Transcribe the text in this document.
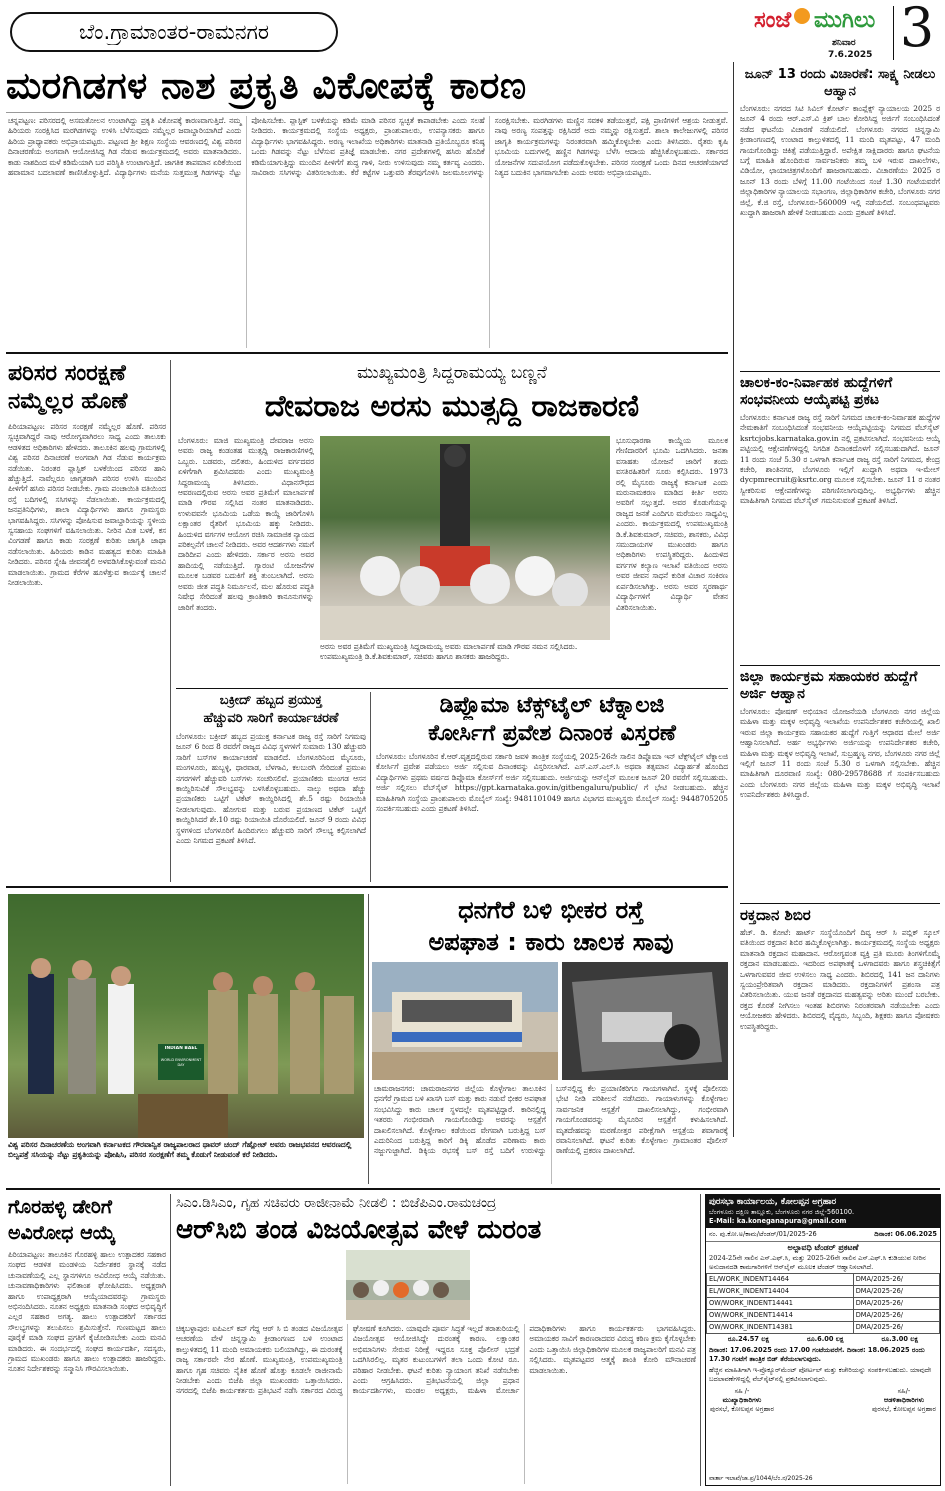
ಬೆಂ.ಗ್ರಾಮಾಂತರ-ರಾಮನಗರ	ಸಂಜೆ ಮುಗಿಲು
ಶನಿವಾರ
7.6.2025 3
ಮರಗಿಡಗಳ ನಾಶ ಪ್ರಕೃತಿ ವಿಕೋಪಕ್ಕೆ ಕಾರಣ
ಚನ್ನಪಟ್ಟಣ: ಪರಿಸರದಲ್ಲಿ ಅಸಮತೋಲನ ಉಂಟಾಗಿದ್ದು ಪ್ರಕೃತಿ ವಿಕೋಪಕ್ಕೆ ಕಾರಣವಾಗುತ್ತಿದೆ. ನಮ್ಮ ಹಿರಿಯರು ಸಂರಕ್ಷಿಸಿದ ಮರಗಿಡಗಳನ್ನು ಉಳಿಸಿ ಬೆಳೆಸುವುದು ನಮ್ಮೆಲ್ಲರ ಜವಾಬ್ದಾರಿಯಾಗಿದೆ ಎಂದು ಹಿರಿಯ ಪ್ರಾಧ್ಯಾಪಕರು ಅಭಿಪ್ರಾಯಪಟ್ಟರು. ಪಟ್ಟಣದ ಶ್ರೀ ಶಿಕ್ಷಣ ಸಂಸ್ಥೆಯ ಆವರಣದಲ್ಲಿ ವಿಶ್ವ ಪರಿಸರ ದಿನಾಚರಣೆಯ ಅಂಗವಾಗಿ ಆಯೋಜಿಸಿದ್ದ ಗಿಡ ನೆಡುವ ಕಾರ್ಯಕ್ರಮದಲ್ಲಿ ಅವರು ಮಾತನಾಡಿದರು. ಕಾಡು ನಾಶದಿಂದ ಮಳೆ ಕಡಿಮೆಯಾಗಿ ಬರ ಪರಿಸ್ಥಿತಿ ಉಂಟಾಗುತ್ತಿದೆ. ಜಾಗತಿಕ ತಾಪಮಾನ ಏರಿಕೆಯಿಂದ ಹವಾಮಾನ ಬದಲಾವಣೆ ಕಾಣಿಸಿಕೊಳ್ಳುತ್ತಿದೆ. ವಿದ್ಯಾರ್ಥಿಗಳು ಮನೆಯ ಸುತ್ತಮುತ್ತ ಗಿಡಗಳನ್ನು ನೆಟ್ಟು ಪೋಷಿಸಬೇಕು. ಪ್ಲಾಸ್ಟಿಕ್ ಬಳಕೆಯನ್ನು ಕಡಿಮೆ ಮಾಡಿ ಪರಿಸರ ಸ್ವಚ್ಛತೆ ಕಾಪಾಡಬೇಕು ಎಂದು ಸಲಹೆ ನೀಡಿದರು. ಕಾರ್ಯಕ್ರಮದಲ್ಲಿ ಸಂಸ್ಥೆಯ ಅಧ್ಯಕ್ಷರು, ಪ್ರಾಂಶುಪಾಲರು, ಉಪನ್ಯಾಸಕರು ಹಾಗೂ ವಿದ್ಯಾರ್ಥಿಗಳು ಭಾಗವಹಿಸಿದ್ದರು. ಅರಣ್ಯ ಇಲಾಖೆಯ ಅಧಿಕಾರಿಗಳು ಮಾತನಾಡಿ ಪ್ರತಿಯೊಬ್ಬರೂ ಕನಿಷ್ಠ ಒಂದು ಗಿಡವನ್ನು ನೆಟ್ಟು ಬೆಳೆಸುವ ಪ್ರತಿಜ್ಞೆ ಮಾಡಬೇಕು. ನಗರ ಪ್ರದೇಶಗಳಲ್ಲಿ ಹಸಿರು ಹೊದಿಕೆ ಕಡಿಮೆಯಾಗುತ್ತಿದ್ದು ಮುಂದಿನ ಪೀಳಿಗೆಗೆ ಶುದ್ಧ ಗಾಳಿ, ನೀರು ಉಳಿಸುವುದು ನಮ್ಮ ಕರ್ತವ್ಯ ಎಂದರು. ಸಾವಿರಾರು ಸಸಿಗಳನ್ನು ವಿತರಿಸಲಾಯಿತು. ಕೆರೆ ಕಟ್ಟೆಗಳ ಒತ್ತುವರಿ ತೆರವುಗೊಳಿಸಿ ಜಲಮೂಲಗಳನ್ನು ಸಂರಕ್ಷಿಸಬೇಕು. ಮರಗಿಡಗಳು ಮಣ್ಣಿನ ಸವಕಳಿ ತಡೆಯುತ್ತವೆ, ಪಕ್ಷಿ ಪ್ರಾಣಿಗಳಿಗೆ ಆಶ್ರಯ ನೀಡುತ್ತವೆ. ನಾವು ಅರಣ್ಯ ಸಂಪತ್ತನ್ನು ರಕ್ಷಿಸಿದರೆ ಅದು ನಮ್ಮನ್ನು ರಕ್ಷಿಸುತ್ತದೆ. ಶಾಲಾ ಕಾಲೇಜುಗಳಲ್ಲಿ ಪರಿಸರ ಜಾಗೃತಿ ಕಾರ್ಯಕ್ರಮಗಳನ್ನು ನಿರಂತರವಾಗಿ ಹಮ್ಮಿಕೊಳ್ಳಬೇಕು ಎಂದು ತಿಳಿಸಿದರು. ರೈತರು ಕೃಷಿ ಭೂಮಿಯ ಬದುಗಳಲ್ಲಿ ಹಣ್ಣಿನ ಗಿಡಗಳನ್ನು ಬೆಳೆಸಿ ಆದಾಯ ಹೆಚ್ಚಿಸಿಕೊಳ್ಳಬಹುದು. ಸರ್ಕಾರದ ಯೋಜನೆಗಳ ಸದುಪಯೋಗ ಪಡೆದುಕೊಳ್ಳಬೇಕು. ಪರಿಸರ ಸಂರಕ್ಷಣೆ ಒಂದು ದಿನದ ಆಚರಣೆಯಾಗದೆ ನಿತ್ಯದ ಬದುಕಿನ ಭಾಗವಾಗಬೇಕು ಎಂದು ಅವರು ಅಭಿಪ್ರಾಯಪಟ್ಟರು.
ಜೂನ್ 13 ರಂದು ವಿಚಾರಣೆ: ಸಾಕ್ಷ್ಯ ನೀಡಲು ಆಹ್ವಾನ
ಬೆಂಗಳೂರು: ನಗರದ ಸಿಟಿ ಸಿವಿಲ್ ಕೋರ್ಟ್ ಕಾಂಪ್ಲೆಕ್ಸ್ ನ್ಯಾಯಾಲಯ 2025 ರ ಜೂನ್ 4 ರಂದು ಆರ್.ಎಸ್.ವಿ ಕ್ರಿಶ್ ಬಾಲ ಕೋರಿಸಿದ್ದ ಅರ್ಜಿಗೆ ಸಂಬಂಧಿಸಿದಂತೆ ನಡೆದ ಘಟನೆಯ ವಿಚಾರಣೆ ನಡೆಯಲಿದೆ. ಬೆಂಗಳೂರು ನಗರದ ಚಿನ್ನಸ್ವಾಮಿ ಕ್ರೀಡಾಂಗಣದಲ್ಲಿ ಉಂಟಾದ ಕಾಲ್ತುಳಿತದಲ್ಲಿ 11 ಮಂದಿ ಮೃತಪಟ್ಟು, 47 ಮಂದಿ ಗಾಯಗೊಂಡಿದ್ದು ಚಿಕಿತ್ಸೆ ಪಡೆಯುತ್ತಿದ್ದಾರೆ. ಅಪೇಕ್ಷಿತ ಸಾಕ್ಷಿದಾರರು ಹಾಗೂ ಘಟನೆಯ ಬಗ್ಗೆ ಮಾಹಿತಿ ಹೊಂದಿರುವ ಸಾರ್ವಜನಿಕರು ತಮ್ಮ ಬಳಿ ಇರುವ ದಾಖಲೆಗಳು, ವಿಡಿಯೋ, ಛಾಯಾಚಿತ್ರಗಳೊಂದಿಗೆ ಹಾಜರಾಗಬಹುದು. ವಿಚಾರಣೆಯು 2025 ರ ಜೂನ್ 13 ರಂದು ಬೆಳಿಗ್ಗೆ 11.00 ಗಂಟೆಯಿಂದ ಸಂಜೆ 1.30 ಗಂಟೆಯವರೆಗೆ ಜಿಲ್ಲಾಧಿಕಾರಿಗಳ ನ್ಯಾಯಾಲಯ ಸಭಾಂಗಣ, ಜಿಲ್ಲಾಧಿಕಾರಿಗಳ ಕಚೇರಿ, ಬೆಂಗಳೂರು ನಗರ ಜಿಲ್ಲೆ, ಕೆ.ಜಿ ರಸ್ತೆ, ಬೆಂಗಳೂರು-560009 ಇಲ್ಲಿ ನಡೆಯಲಿದೆ. ಸಂಬಂಧಪಟ್ಟವರು ಖುದ್ದಾಗಿ ಹಾಜರಾಗಿ ಹೇಳಿಕೆ ನೀಡಬಹುದು ಎಂದು ಪ್ರಕಟಣೆ ತಿಳಿಸಿದೆ.
ಚಾಲಕ-ಕಂ-ನಿರ್ವಾಹಕ ಹುದ್ದೆಗಳಿಗೆ ಸಂಭವನೀಯ ಆಯ್ಕೆಪಟ್ಟಿ ಪ್ರಕಟ
ಬೆಂಗಳೂರು: ಕರ್ನಾಟಕ ರಾಜ್ಯ ರಸ್ತೆ ಸಾರಿಗೆ ನಿಗಮದ ಚಾಲಕ-ಕಂ-ನಿರ್ವಾಹಕ ಹುದ್ದೆಗಳ ನೇಮಕಾತಿಗೆ ಸಂಬಂಧಿಸಿದಂತೆ ಸಂಭವನೀಯ ಆಯ್ಕೆಪಟ್ಟಿಯನ್ನು ನಿಗಮದ ವೆಬ್‌ಸೈಟ್ ksrtcjobs.karnataka.gov.in ನಲ್ಲಿ ಪ್ರಕಟಿಸಲಾಗಿದೆ. ಸಂಭವನೀಯ ಆಯ್ಕೆ ಪಟ್ಟಿಯಲ್ಲಿ ಆಕ್ಷೇಪಣೆಗಳಿದ್ದಲ್ಲಿ ನಿಗದಿತ ದಿನಾಂಕದೊಳಗೆ ಸಲ್ಲಿಸಬಹುದಾಗಿದೆ. ಜೂನ್ 11 ರಂದು ಸಂಜೆ 5.30 ರ ಒಳಗಾಗಿ ಕರ್ನಾಟಕ ರಾಜ್ಯ ರಸ್ತೆ ಸಾರಿಗೆ ನಿಗಮದ, ಕೇಂದ್ರ ಕಚೇರಿ, ಶಾಂತಿನಗರ, ಬೆಂಗಳೂರು ಇಲ್ಲಿಗೆ ಖುದ್ದಾಗಿ ಅಥವಾ ಇ-ಮೇಲ್ dycpmrecruit@ksrtc.org ಮೂಲಕ ಸಲ್ಲಿಸಬೇಕು. ಜೂನ್ 11 ರ ನಂತರ ಸ್ವೀಕರಿಸುವ ಆಕ್ಷೇಪಣೆಗಳನ್ನು ಪರಿಗಣಿಸಲಾಗುವುದಿಲ್ಲ. ಅಭ್ಯರ್ಥಿಗಳು ಹೆಚ್ಚಿನ ಮಾಹಿತಿಗಾಗಿ ನಿಗಮದ ವೆಬ್‌ಸೈಟ್ ಗಮನಿಸುವಂತೆ ಪ್ರಕಟಣೆ ತಿಳಿಸಿದೆ.
ಜಿಲ್ಲಾ ಕಾರ್ಯಕ್ರಮ ಸಹಾಯಕರ ಹುದ್ದೆಗೆ ಅರ್ಜಿ ಆಹ್ವಾನ
ಬೆಂಗಳೂರು: ಪೋಷಣ್ ಅಭಿಯಾನ ಯೋಜನೆಯಡಿ ಬೆಂಗಳೂರು ನಗರ ಜಿಲ್ಲೆಯ ಮಹಿಳಾ ಮತ್ತು ಮಕ್ಕಳ ಅಭಿವೃದ್ಧಿ ಇಲಾಖೆಯ ಉಪನಿರ್ದೇಶಕರ ಕಚೇರಿಯಲ್ಲಿ ಖಾಲಿ ಇರುವ ಜಿಲ್ಲಾ ಕಾರ್ಯಕ್ರಮ ಸಹಾಯಕರ ಹುದ್ದೆಗೆ ಗುತ್ತಿಗೆ ಆಧಾರದ ಮೇಲೆ ಅರ್ಜಿ ಆಹ್ವಾನಿಸಲಾಗಿದೆ. ಅರ್ಹ ಅಭ್ಯರ್ಥಿಗಳು ಅರ್ಜಿಯನ್ನು ಉಪನಿರ್ದೇಶಕರ ಕಚೇರಿ, ಮಹಿಳಾ ಮತ್ತು ಮಕ್ಕಳ ಅಭಿವೃದ್ಧಿ ಇಲಾಖೆ, ಸುಬ್ರಹ್ಮಣ್ಯ ನಗರ, ಬೆಂಗಳೂರು ನಗರ ಜಿಲ್ಲೆ ಇಲ್ಲಿಗೆ ಜೂನ್ 11 ರಂದು ಸಂಜೆ 5.30 ರ ಒಳಗಾಗಿ ಸಲ್ಲಿಸಬೇಕು. ಹೆಚ್ಚಿನ ಮಾಹಿತಿಗಾಗಿ ದೂರವಾಣಿ ಸಂಖ್ಯೆ: 080-29578688 ಗೆ ಸಂಪರ್ಕಿಸಬಹುದು ಎಂದು ಬೆಂಗಳೂರು ನಗರ ಜಿಲ್ಲೆಯ ಮಹಿಳಾ ಮತ್ತು ಮಕ್ಕಳ ಅಭಿವೃದ್ಧಿ ಇಲಾಖೆ ಉಪನಿರ್ದೇಶಕರು ತಿಳಿಸಿದ್ದಾರೆ.
ರಕ್ತದಾನ ಶಿಬಿರ
ಹೆಚ್. ಡಿ. ಕೋಟೆ: ಹಾರ್ಟ್ ಸಂಸ್ಥೆಯೊಂದಿಗೆ ದಿವ್ಯ ಆರ್ ಸಿ ಪಬ್ಲಿಕ್ ಸ್ಕೂಲ್ ವತಿಯಿಂದ ರಕ್ತದಾನ ಶಿಬಿರ ಹಮ್ಮಿಕೊಳ್ಳಲಾಗಿತ್ತು. ಕಾರ್ಯಕ್ರಮದಲ್ಲಿ ಸಂಸ್ಥೆಯ ಅಧ್ಯಕ್ಷರು ಮಾತನಾಡಿ ರಕ್ತದಾನ ಮಹಾದಾನ. ಆರೋಗ್ಯವಂತ ವ್ಯಕ್ತಿ ಪ್ರತಿ ಮೂರು ತಿಂಗಳಿಗೊಮ್ಮೆ ರಕ್ತದಾನ ಮಾಡಬಹುದು. ಇದರಿಂದ ಅಪಘಾತಕ್ಕೆ ಒಳಗಾದವರು ಹಾಗೂ ಶಸ್ತ್ರಚಿಕಿತ್ಸೆಗೆ ಒಳಗಾಗುವವರ ಜೀವ ಉಳಿಸಲು ಸಾಧ್ಯ ಎಂದರು. ಶಿಬಿರದಲ್ಲಿ 141 ಜನ ದಾನಿಗಳು ಸ್ವಯಂಪ್ರೇರಿತವಾಗಿ ರಕ್ತದಾನ ಮಾಡಿದರು. ರಕ್ತದಾನಿಗಳಿಗೆ ಪ್ರಶಂಸಾ ಪತ್ರ ವಿತರಿಸಲಾಯಿತು. ಯುವ ಜನತೆ ರಕ್ತದಾನದ ಮಹತ್ವವನ್ನು ಅರಿತು ಮುಂದೆ ಬರಬೇಕು. ರಕ್ತದ ಕೊರತೆ ನೀಗಿಸಲು ಇಂತಹ ಶಿಬಿರಗಳು ನಿರಂತರವಾಗಿ ನಡೆಯಬೇಕು ಎಂದು ಆಯೋಜಕರು ಹೇಳಿದರು. ಶಿಬಿರದಲ್ಲಿ ವೈದ್ಯರು, ಸಿಬ್ಬಂದಿ, ಶಿಕ್ಷಕರು ಹಾಗೂ ಪೋಷಕರು ಉಪಸ್ಥಿತರಿದ್ದರು.
ಪರಿಸರ ಸಂರಕ್ಷಣೆ
ನಮ್ಮೆಲ್ಲರ ಹೊಣೆ
ಪಿರಿಯಾಪಟ್ಟಣ: ಪರಿಸರ ಸಂರಕ್ಷಣೆ ನಮ್ಮೆಲ್ಲರ ಹೊಣೆ. ಪರಿಸರ ಸ್ವಚ್ಛವಾಗಿದ್ದರೆ ನಾವು ಆರೋಗ್ಯವಾಗಿರಲು ಸಾಧ್ಯ ಎಂದು ತಾಲೂಕು ಆಡಳಿತದ ಅಧಿಕಾರಿಗಳು ಹೇಳಿದರು. ತಾಲೂಕಿನ ಹಲವು ಗ್ರಾಮಗಳಲ್ಲಿ ವಿಶ್ವ ಪರಿಸರ ದಿನಾಚರಣೆ ಅಂಗವಾಗಿ ಗಿಡ ನೆಡುವ ಕಾರ್ಯಕ್ರಮ ನಡೆಯಿತು. ನಿರಂತರ ಪ್ಲಾಸ್ಟಿಕ್ ಬಳಕೆಯಿಂದ ಪರಿಸರ ಹಾನಿ ಹೆಚ್ಚುತ್ತಿದೆ. ನಾವೆಲ್ಲರೂ ಜಾಗೃತರಾಗಿ ಪರಿಸರ ಉಳಿಸಿ ಮುಂದಿನ ಪೀಳಿಗೆಗೆ ಹಸಿರು ಪರಿಸರ ನೀಡಬೇಕು. ಗ್ರಾಮ ಪಂಚಾಯಿತಿ ವತಿಯಿಂದ ರಸ್ತೆ ಬದಿಗಳಲ್ಲಿ ಸಸಿಗಳನ್ನು ನೆಡಲಾಯಿತು. ಕಾರ್ಯಕ್ರಮದಲ್ಲಿ ಜನಪ್ರತಿನಿಧಿಗಳು, ಶಾಲಾ ವಿದ್ಯಾರ್ಥಿಗಳು ಹಾಗೂ ಗ್ರಾಮಸ್ಥರು ಭಾಗವಹಿಸಿದ್ದರು. ಸಸಿಗಳನ್ನು ಪೋಷಿಸುವ ಜವಾಬ್ದಾರಿಯನ್ನು ಸ್ಥಳೀಯ ಸ್ವಸಹಾಯ ಸಂಘಗಳಿಗೆ ವಹಿಸಲಾಯಿತು. ನೀರಿನ ಮಿತ ಬಳಕೆ, ಕಸ ವಿಂಗಡಣೆ ಹಾಗೂ ಕಾಡು ಸಂರಕ್ಷಣೆ ಕುರಿತು ಜಾಗೃತಿ ಜಾಥಾ ನಡೆಸಲಾಯಿತು. ಹಿರಿಯರು ಕಾಡಿನ ಮಹತ್ವದ ಕುರಿತು ಮಾಹಿತಿ ನೀಡಿದರು. ಪರಿಸರ ಸ್ನೇಹಿ ಜೀವನಶೈಲಿ ಅಳವಡಿಸಿಕೊಳ್ಳುವಂತೆ ಮನವಿ ಮಾಡಲಾಯಿತು. ಗ್ರಾಮದ ಕೆರೆಗಳ ಹೂಳೆತ್ತುವ ಕಾರ್ಯಕ್ಕೆ ಚಾಲನೆ ನೀಡಲಾಯಿತು.
ಮುಖ್ಯಮಂತ್ರಿ ಸಿದ್ದರಾಮಯ್ಯ ಬಣ್ಣನೆ
ದೇವರಾಜ ಅರಸು ಮುತ್ಸದ್ದಿ ರಾಜಕಾರಣಿ
ಬೆಂಗಳೂರು: ಮಾಜಿ ಮುಖ್ಯಮಂತ್ರಿ ದೇವರಾಜ ಅರಸು ಅವರು ರಾಜ್ಯ ಕಂಡಂತಹ ಮುತ್ಸದ್ದಿ ರಾಜಕಾರಣಿಗಳಲ್ಲಿ ಒಬ್ಬರು. ಬಡವರು, ದಲಿತರು, ಹಿಂದುಳಿದ ವರ್ಗದವರ ಏಳಿಗೆಗಾಗಿ ಶ್ರಮಿಸಿದವರು ಎಂದು ಮುಖ್ಯಮಂತ್ರಿ ಸಿದ್ದರಾಮಯ್ಯ ತಿಳಿಸಿದರು. ವಿಧಾನಸೌಧದ ಆವರಣದಲ್ಲಿರುವ ಅರಸು ಅವರ ಪ್ರತಿಮೆಗೆ ಮಾಲಾರ್ಪಣೆ ಮಾಡಿ ಗೌರವ ಸಲ್ಲಿಸಿದ ನಂತರ ಮಾತನಾಡಿದರು. ಉಳುವವನೇ ಭೂಮಿಯ ಒಡೆಯ ಕಾಯ್ದೆ ಜಾರಿಗೊಳಿಸಿ ಲಕ್ಷಾಂತರ ರೈತರಿಗೆ ಭೂಮಿಯ ಹಕ್ಕು ನೀಡಿದರು. ಹಿಂದುಳಿದ ವರ್ಗಗಳ ಆಯೋಗ ರಚಿಸಿ ಸಾಮಾಜಿಕ ನ್ಯಾಯದ ಪರಿಕಲ್ಪನೆಗೆ ಚಾಲನೆ ನೀಡಿದರು. ಅವರ ಆದರ್ಶಗಳು ನಮಗೆ ದಾರಿದೀಪ ಎಂದು ಹೇಳಿದರು. ಸರ್ಕಾರ ಅರಸು ಅವರ ಹಾದಿಯಲ್ಲಿ ನಡೆಯುತ್ತಿದೆ. ಗ್ಯಾರಂಟಿ ಯೋಜನೆಗಳ ಮೂಲಕ ಬಡವರ ಬದುಕಿಗೆ ಶಕ್ತಿ ತುಂಬಲಾಗಿದೆ. ಅರಸು ಅವರು ಜೀತ ಪದ್ಧತಿ ನಿರ್ಮೂಲನೆ, ಮಲ ಹೊರುವ ಪದ್ಧತಿ ನಿಷೇಧ ಸೇರಿದಂತೆ ಹಲವು ಕ್ರಾಂತಿಕಾರಿ ಕಾನೂನುಗಳನ್ನು ಜಾರಿಗೆ ತಂದರು.
ಭೂಸುಧಾರಣಾ ಕಾಯ್ದೆಯ ಮೂಲಕ ಗೇಣಿದಾರರಿಗೆ ಭೂಮಿ ಒದಗಿಸಿದರು. ಜನತಾ ವಸಾಹತು ಯೋಜನೆ ಜಾರಿಗೆ ತಂದು ವಸತಿರಹಿತರಿಗೆ ಸೂರು ಕಲ್ಪಿಸಿದರು. 1973 ರಲ್ಲಿ ಮೈಸೂರು ರಾಜ್ಯಕ್ಕೆ ಕರ್ನಾಟಕ ಎಂದು ಮರುನಾಮಕರಣ ಮಾಡಿದ ಕೀರ್ತಿ ಅರಸು ಅವರಿಗೆ ಸಲ್ಲುತ್ತದೆ. ಅವರ ಕೊಡುಗೆಯನ್ನು ರಾಜ್ಯದ ಜನತೆ ಎಂದಿಗೂ ಮರೆಯಲು ಸಾಧ್ಯವಿಲ್ಲ ಎಂದರು. ಕಾರ್ಯಕ್ರಮದಲ್ಲಿ ಉಪಮುಖ್ಯಮಂತ್ರಿ ಡಿ.ಕೆ.ಶಿವಕುಮಾರ್, ಸಚಿವರು, ಶಾಸಕರು, ವಿವಿಧ ಸಮುದಾಯಗಳ ಮುಖಂಡರು ಹಾಗೂ ಅಧಿಕಾರಿಗಳು ಉಪಸ್ಥಿತರಿದ್ದರು. ಹಿಂದುಳಿದ ವರ್ಗಗಳ ಕಲ್ಯಾಣ ಇಲಾಖೆ ವತಿಯಿಂದ ಅರಸು ಅವರ ಜೀವನ ಸಾಧನೆ ಕುರಿತ ವಿಚಾರ ಸಂಕಿರಣ ಏರ್ಪಡಿಸಲಾಗಿತ್ತು. ಅರಸು ಅವರ ಸ್ಮರಣಾರ್ಥ ವಿದ್ಯಾರ್ಥಿಗಳಿಗೆ ವಿದ್ಯಾರ್ಥಿ ವೇತನ ವಿತರಿಸಲಾಯಿತು.
ಅರಸು ಅವರ ಪ್ರತಿಮೆಗೆ ಮುಖ್ಯಮಂತ್ರಿ ಸಿದ್ದರಾಮಯ್ಯ ಅವರು ಮಾಲಾರ್ಪಣೆ ಮಾಡಿ ಗೌರವ ನಮನ ಸಲ್ಲಿಸಿದರು. ಉಪಮುಖ್ಯಮಂತ್ರಿ ಡಿ.ಕೆ.ಶಿವಕುಮಾರ್, ಸಚಿವರು ಹಾಗೂ ಶಾಸಕರು ಹಾಜರಿದ್ದರು.
ಬಕ್ರೀದ್ ಹಬ್ಬದ ಪ್ರಯುಕ್ತ
ಹೆಚ್ಚುವರಿ ಸಾರಿಗೆ ಕಾರ್ಯಾಚರಣೆ
ಬೆಂಗಳೂರು: ಬಕ್ರೀದ್ ಹಬ್ಬದ ಪ್ರಯುಕ್ತ ಕರ್ನಾಟಕ ರಾಜ್ಯ ರಸ್ತೆ ಸಾರಿಗೆ ನಿಗಮವು ಜೂನ್ 6 ರಿಂದ 8 ರವರೆಗೆ ರಾಜ್ಯದ ವಿವಿಧ ಸ್ಥಳಗಳಿಗೆ ಸುಮಾರು 130 ಹೆಚ್ಚುವರಿ ಸಾರಿಗೆ ಬಸ್‌ಗಳ ಕಾರ್ಯಾಚರಣೆ ಮಾಡಲಿದೆ. ಬೆಂಗಳೂರಿನಿಂದ ಮೈಸೂರು, ಮಂಗಳೂರು, ಹುಬ್ಬಳ್ಳಿ, ಧಾರವಾಡ, ಬೆಳಗಾವಿ, ಕಲಬುರಗಿ ಸೇರಿದಂತೆ ಪ್ರಮುಖ ನಗರಗಳಿಗೆ ಹೆಚ್ಚುವರಿ ಬಸ್‌ಗಳು ಸಂಚರಿಸಲಿವೆ. ಪ್ರಯಾಣಿಕರು ಮುಂಗಡ ಆಸನ ಕಾಯ್ದಿರಿಸುವಿಕೆ ಸೌಲಭ್ಯವನ್ನು ಬಳಸಿಕೊಳ್ಳಬಹುದು. ನಾಲ್ಕು ಅಥವಾ ಹೆಚ್ಚು ಪ್ರಯಾಣಿಕರು ಒಟ್ಟಿಗೆ ಟಿಕೆಟ್ ಕಾಯ್ದಿರಿಸಿದಲ್ಲಿ ಶೇ.5 ರಷ್ಟು ರಿಯಾಯಿತಿ ನೀಡಲಾಗುವುದು. ಹೋಗುವ ಮತ್ತು ಬರುವ ಪ್ರಯಾಣದ ಟಿಕೆಟ್ ಒಟ್ಟಿಗೆ ಕಾಯ್ದಿರಿಸಿದರೆ ಶೇ.10 ರಷ್ಟು ರಿಯಾಯಿತಿ ದೊರೆಯಲಿದೆ. ಜೂನ್ 9 ರಂದು ವಿವಿಧ ಸ್ಥಳಗಳಿಂದ ಬೆಂಗಳೂರಿಗೆ ಹಿಂದಿರುಗಲು ಹೆಚ್ಚುವರಿ ಸಾರಿಗೆ ಸೌಲಭ್ಯ ಕಲ್ಪಿಸಲಾಗಿದೆ ಎಂದು ನಿಗಮದ ಪ್ರಕಟಣೆ ತಿಳಿಸಿದೆ.
ಡಿಪ್ಲೊಮಾ ಟೆಕ್ಸ್‌ಟೈಲ್ ಟೆಕ್ನಾಲಜಿ
ಕೋರ್ಸಿಗೆ ಪ್ರವೇಶ ದಿನಾಂಕ ವಿಸ್ತರಣೆ
ಬೆಂಗಳೂರು: ಬೆಂಗಳೂರಿನ ಕೆ.ಆರ್.ವೃತ್ತದಲ್ಲಿರುವ ಸರ್ಕಾರಿ ಜವಳಿ ತಾಂತ್ರಿಕ ಸಂಸ್ಥೆಯಲ್ಲಿ 2025-26ನೇ ಸಾಲಿನ ಡಿಪ್ಲೊಮಾ ಇನ್ ಟೆಕ್ಸ್‌ಟೈಲ್ ಟೆಕ್ನಾಲಜಿ ಕೋರ್ಸಿಗೆ ಪ್ರವೇಶ ಪಡೆಯಲು ಅರ್ಜಿ ಸಲ್ಲಿಸುವ ದಿನಾಂಕವನ್ನು ವಿಸ್ತರಿಸಲಾಗಿದೆ. ಎಸ್.ಎಸ್.ಎಲ್.ಸಿ ಅಥವಾ ತತ್ಸಮಾನ ವಿದ್ಯಾರ್ಹತೆ ಹೊಂದಿದ ವಿದ್ಯಾರ್ಥಿಗಳು ಪ್ರಥಮ ವರ್ಷದ ಡಿಪ್ಲೊಮಾ ಕೋರ್ಸ್‌ಗೆ ಅರ್ಜಿ ಸಲ್ಲಿಸಬಹುದು. ಅರ್ಜಿಯನ್ನು ಆನ್‌ಲೈನ್ ಮೂಲಕ ಜೂನ್ 20 ರವರೆಗೆ ಸಲ್ಲಿಸಬಹುದು. ಅರ್ಜಿ ಸಲ್ಲಿಸಲು ವೆಬ್‌ಸೈಟ್ https://gpt.karnataka.gov.in/gitbengaluru/public/ ಗೆ ಭೇಟಿ ನೀಡಬಹುದು. ಹೆಚ್ಚಿನ ಮಾಹಿತಿಗಾಗಿ ಸಂಸ್ಥೆಯ ಪ್ರಾಂಶುಪಾಲರು ಮೊಬೈಲ್ ಸಂಖ್ಯೆ: 9481101049 ಹಾಗೂ ವಿಭಾಗದ ಮುಖ್ಯಸ್ಥರು ಮೊಬೈಲ್ ಸಂಖ್ಯೆ: 9448705205 ಸಂಪರ್ಕಿಸಬಹುದು ಎಂದು ಪ್ರಕಟಣೆ ತಿಳಿಸಿದೆ.
INDIAN BAEL
WORLD ENVIRONMENT DAY
ವಿಶ್ವ ಪರಿಸರ ದಿನಾಚರಣೆಯ ಅಂಗವಾಗಿ ಕರ್ನಾಟಕದ ಗೌರವಾನ್ವಿತ ರಾಜ್ಯಪಾಲರಾದ ಥಾವರ್ ಚಂದ್ ಗೆಹ್ಲೋಟ್ ಅವರು ರಾಜಭವನದ ಆವರಣದಲ್ಲಿ ಬಿಲ್ವಪತ್ರೆ ಸಸಿಯನ್ನು ನೆಟ್ಟು ಪ್ರಕೃತಿಯನ್ನು ಪೋಷಿಸಿ, ಪರಿಸರ ಸಂರಕ್ಷಣೆಗೆ ತಮ್ಮ ಕೊಡುಗೆ ನೀಡುವಂತೆ ಕರೆ ನೀಡಿದರು.
ಧನಗೆರೆ ಬಳಿ ಭೀಕರ ರಸ್ತೆ
ಅಪಘಾತ : ಕಾರು ಚಾಲಕ ಸಾವು
ಚಾಮರಾಜನಗರ: ಚಾಮರಾಜನಗರ ಜಿಲ್ಲೆಯ ಕೊಳ್ಳೇಗಾಲ ತಾಲೂಕಿನ ಧನಗೆರೆ ಗ್ರಾಮದ ಬಳಿ ಖಾಸಗಿ ಬಸ್ ಮತ್ತು ಕಾರು ನಡುವೆ ಭೀಕರ ಅಪಘಾತ ಸಂಭವಿಸಿದ್ದು ಕಾರು ಚಾಲಕ ಸ್ಥಳದಲ್ಲೇ ಮೃತಪಟ್ಟಿದ್ದಾರೆ. ಕಾರಿನಲ್ಲಿದ್ದ ಇತರರು ಗಂಭೀರವಾಗಿ ಗಾಯಗೊಂಡಿದ್ದು ಅವರನ್ನು ಆಸ್ಪತ್ರೆಗೆ ದಾಖಲಿಸಲಾಗಿದೆ. ಕೊಳ್ಳೇಗಾಲ ಕಡೆಯಿಂದ ವೇಗವಾಗಿ ಬರುತ್ತಿದ್ದ ಬಸ್ ಎದುರಿನಿಂದ ಬರುತ್ತಿದ್ದ ಕಾರಿಗೆ ಡಿಕ್ಕಿ ಹೊಡೆದ ಪರಿಣಾಮ ಕಾರು ನಜ್ಜುಗುಜ್ಜಾಗಿದೆ. ಡಿಕ್ಕಿಯ ರಭಸಕ್ಕೆ ಬಸ್ ರಸ್ತೆ ಬದಿಗೆ ಉರುಳಿದ್ದು ಬಸ್‌ನಲ್ಲಿದ್ದ ಕೆಲ ಪ್ರಯಾಣಿಕರಿಗೂ ಗಾಯಗಳಾಗಿವೆ. ಸ್ಥಳಕ್ಕೆ ಪೊಲೀಸರು ಭೇಟಿ ನೀಡಿ ಪರಿಶೀಲನೆ ನಡೆಸಿದರು. ಗಾಯಾಳುಗಳನ್ನು ಕೊಳ್ಳೇಗಾಲ ಸಾರ್ವಜನಿಕ ಆಸ್ಪತ್ರೆಗೆ ದಾಖಲಿಸಲಾಗಿದ್ದು, ಗಂಭೀರವಾಗಿ ಗಾಯಗೊಂಡವರನ್ನು ಮೈಸೂರಿನ ಆಸ್ಪತ್ರೆಗೆ ಕಳುಹಿಸಲಾಗಿದೆ. ಮೃತದೇಹವನ್ನು ಮರಣೋತ್ತರ ಪರೀಕ್ಷೆಗಾಗಿ ಆಸ್ಪತ್ರೆಯ ಶವಾಗಾರಕ್ಕೆ ರವಾನಿಸಲಾಗಿದೆ. ಘಟನೆ ಕುರಿತು ಕೊಳ್ಳೇಗಾಲ ಗ್ರಾಮಾಂತರ ಪೊಲೀಸ್ ಠಾಣೆಯಲ್ಲಿ ಪ್ರಕರಣ ದಾಖಲಾಗಿದೆ.
ಗೊರಹಳ್ಳಿ ಡೇರಿಗೆ
ಅವಿರೋಧ ಆಯ್ಕೆ
ಪಿರಿಯಾಪಟ್ಟಣ: ತಾಲೂಕಿನ ಗೊರಹಳ್ಳಿ ಹಾಲು ಉತ್ಪಾದಕರ ಸಹಕಾರ ಸಂಘದ ಆಡಳಿತ ಮಂಡಳಿಯ ನಿರ್ದೇಶಕರ ಸ್ಥಾನಕ್ಕೆ ನಡೆದ ಚುನಾವಣೆಯಲ್ಲಿ ಎಲ್ಲ ಸ್ಥಾನಗಳಿಗೂ ಅವಿರೋಧ ಆಯ್ಕೆ ನಡೆಯಿತು. ಚುನಾವಣಾಧಿಕಾರಿಗಳು ಫಲಿತಾಂಶ ಘೋಷಿಸಿದರು. ಅಧ್ಯಕ್ಷರಾಗಿ ಹಾಗೂ ಉಪಾಧ್ಯಕ್ಷರಾಗಿ ಆಯ್ಕೆಯಾದವರನ್ನು ಗ್ರಾಮಸ್ಥರು ಅಭಿನಂದಿಸಿದರು. ನೂತನ ಅಧ್ಯಕ್ಷರು ಮಾತನಾಡಿ ಸಂಘದ ಅಭಿವೃದ್ಧಿಗೆ ಎಲ್ಲರ ಸಹಕಾರ ಅಗತ್ಯ. ಹಾಲು ಉತ್ಪಾದಕರಿಗೆ ಸರ್ಕಾರದ ಸೌಲಭ್ಯಗಳನ್ನು ತಲುಪಿಸಲು ಶ್ರಮಿಸುತ್ತೇನೆ. ಗುಣಮಟ್ಟದ ಹಾಲು ಪೂರೈಕೆ ಮಾಡಿ ಸಂಘದ ಪ್ರಗತಿಗೆ ಕೈಜೋಡಿಸಬೇಕು ಎಂದು ಮನವಿ ಮಾಡಿದರು. ಈ ಸಂದರ್ಭದಲ್ಲಿ ಸಂಘದ ಕಾರ್ಯದರ್ಶಿ, ಸದಸ್ಯರು, ಗ್ರಾಮದ ಮುಖಂಡರು ಹಾಗೂ ಹಾಲು ಉತ್ಪಾದಕರು ಹಾಜರಿದ್ದರು. ನೂತನ ನಿರ್ದೇಶಕರನ್ನು ಸನ್ಮಾನಿಸಿ ಗೌರವಿಸಲಾಯಿತು.
ಸಿಎಂ.ಡಿಸಿಎಂ, ಗೃಹ ಸಚಿವರು ರಾಜೀನಾಮೆ ನೀಡಲಿ : ಬಿಜೆಪಿಎಂ.ರಾಮಚಂದ್ರ
ಆರ್‌ಸಿಬಿ ತಂಡ ವಿಜಯೋತ್ಸವ ವೇಳೆ ದುರಂತ
ಚಿಕ್ಕಬಳ್ಳಾಪುರ: ಐಪಿಎಲ್ ಕಪ್ ಗೆದ್ದ ಆರ್ ಸಿ ಬಿ ತಂಡದ ವಿಜಯೋತ್ಸವ ಆಚರಣೆಯ ವೇಳೆ ಚಿನ್ನಸ್ವಾಮಿ ಕ್ರೀಡಾಂಗಣದ ಬಳಿ ಉಂಟಾದ ಕಾಲ್ತುಳಿತದಲ್ಲಿ 11 ಮಂದಿ ಅಮಾಯಕರು ಬಲಿಯಾಗಿದ್ದು, ಈ ದುರಂತಕ್ಕೆ ರಾಜ್ಯ ಸರ್ಕಾರವೇ ನೇರ ಹೊಣೆ. ಮುಖ್ಯಮಂತ್ರಿ, ಉಪಮುಖ್ಯಮಂತ್ರಿ ಹಾಗೂ ಗೃಹ ಸಚಿವರು ನೈತಿಕ ಹೊಣೆ ಹೊತ್ತು ಕೂಡಲೇ ರಾಜೀನಾಮೆ ನೀಡಬೇಕು ಎಂದು ಬಿಜೆಪಿ ಜಿಲ್ಲಾ ಮುಖಂಡರು ಒತ್ತಾಯಿಸಿದರು. ನಗರದಲ್ಲಿ ಬಿಜೆಪಿ ಕಾರ್ಯಕರ್ತರು ಪ್ರತಿಭಟನೆ ನಡೆಸಿ ಸರ್ಕಾರದ ವಿರುದ್ಧ ಘೋಷಣೆ ಕೂಗಿದರು. ಯಾವುದೇ ಪೂರ್ವ ಸಿದ್ಧತೆ ಇಲ್ಲದೆ ತರಾತುರಿಯಲ್ಲಿ ವಿಜಯೋತ್ಸವ ಆಯೋಜಿಸಿದ್ದೇ ದುರಂತಕ್ಕೆ ಕಾರಣ. ಲಕ್ಷಾಂತರ ಅಭಿಮಾನಿಗಳು ಸೇರುವ ನಿರೀಕ್ಷೆ ಇದ್ದರೂ ಸೂಕ್ತ ಪೊಲೀಸ್ ಭದ್ರತೆ ಒದಗಿಸಿರಲಿಲ್ಲ. ಮೃತರ ಕುಟುಂಬಗಳಿಗೆ ತಲಾ ಒಂದು ಕೋಟಿ ರೂ. ಪರಿಹಾರ ನೀಡಬೇಕು. ಘಟನೆ ಕುರಿತು ನ್ಯಾಯಾಂಗ ತನಿಖೆ ನಡೆಸಬೇಕು ಎಂದು ಆಗ್ರಹಿಸಿದರು. ಪ್ರತಿಭಟನೆಯಲ್ಲಿ ಜಿಲ್ಲಾ ಪ್ರಧಾನ ಕಾರ್ಯದರ್ಶಿಗಳು, ಮಂಡಲ ಅಧ್ಯಕ್ಷರು, ಮಹಿಳಾ ಮೋರ್ಚಾ ಪದಾಧಿಕಾರಿಗಳು ಹಾಗೂ ಕಾರ್ಯಕರ್ತರು ಭಾಗವಹಿಸಿದ್ದರು. ಅಮಾಯಕರ ಸಾವಿಗೆ ಕಾರಣರಾದವರ ವಿರುದ್ಧ ಕಠಿಣ ಕ್ರಮ ಕೈಗೊಳ್ಳಬೇಕು ಎಂದು ಒತ್ತಾಯಿಸಿ ಜಿಲ್ಲಾಧಿಕಾರಿಗಳ ಮೂಲಕ ರಾಜ್ಯಪಾಲರಿಗೆ ಮನವಿ ಪತ್ರ ಸಲ್ಲಿಸಿದರು. ಮೃತಪಟ್ಟವರ ಆತ್ಮಕ್ಕೆ ಶಾಂತಿ ಕೋರಿ ಮೌನಾಚರಣೆ ಮಾಡಲಾಯಿತು.
ಪುರಸಭಾ ಕಾರ್ಯಾಲಯ, ಕೋಲಪ್ಪನ ಅಗ್ರಹಾರ
ಬೆಂಗಳೂರು ದಕ್ಷಿಣ ತಾಲ್ಲೂಕು, ಬೆಂಗಳೂರು ನಗರ ಜಿಲ್ಲೆ-560100.
E-Mail: ka.koneganapura@gmail.com
ನಂ. ಪು.ಕೋ.ಅ/ಕಾಮ/ಟೆಂಡರ್/01/2025-26	ದಿನಾಂಕ: 06.06.2025
ಅಲ್ಪಾವಧಿ ಟೆಂಡರ್ ಪ್ರಕಟಣೆ
2024-25ನೇ ಸಾಲಿನ ಎಸ್.ಎಫ್.ಸಿ, ಮತ್ತು 2025-26ನೇ ಸಾಲಿನ ಎಸ್.ಎಫ್.ಸಿ ಕುಡಿಯುವ ನೀರಿನ ಅನುದಾನದಡಿ ಕಾಮಗಾರಿಗಳಿಗೆ ಆನ್‌ಲೈನ್ ಮೂಲಕ ಟೆಂಡರ್ ಆಹ್ವಾನಿಸಲಾಗಿದೆ.
EL/WORK_INDENT14464	DMA/2025-26/
EL/WORK_INDENT14404	DMA/2025-26/
OW/WORK_INDENT14441	DMA/2025-26/
OW/WORK_INDENT14414	DMA/2025-26/
OW/WORK_INDENT14381	DMA/2025-26/
ರೂ.24.57 ಲಕ್ಷ	ರೂ.6.00 ಲಕ್ಷ	ರೂ.3.00 ಲಕ್ಷ
ದಿನಾಂಕ: 17.06.2025 ರಂದು 17.00 ಗಂಟೆಯವರೆಗೆ. ದಿನಾಂಕ: 18.06.2025 ರಂದು 17.30 ಗಂಟೆಗೆ ತಾಂತ್ರಿಕ ಬಿಡ್ ತೆರೆಯಲಾಗುವುದು.
ಹೆಚ್ಚಿನ ಮಾಹಿತಿಗಾಗಿ ಇ-ಪ್ರೊಕ್ಯೂರ್‌ಮೆಂಟ್ ಪೋರ್ಟಲ್ ಮತ್ತು ಕಚೇರಿಯನ್ನು ಸಂಪರ್ಕಿಸಬಹುದು. ಯಾವುದೇ ಬದಲಾವಣೆಗಳಿದ್ದಲ್ಲಿ ವೆಬ್‌ಸೈಟ್‌ನಲ್ಲಿ ಪ್ರಕಟಿಸಲಾಗುವುದು.
ಸಹಿ /-
ಮುಖ್ಯಾಧಿಕಾರಿಗಳು
ಪುರಸಭೆ, ಕೋಲಪ್ಪನ ಅಗ್ರಹಾರ
ಸಹಿ/-
ಆಡಳಿತಾಧಿಕಾರಿಗಳು
ಪುರಸಭೆ, ಕೋಲಪ್ಪನ ಅಗ್ರಹಾರ
ವಾರ್ತಾ ಇಲಾಖೆ/ಜಾ.ಪ್ರ/1044/ಬೆಂ.ನ/2025-26
